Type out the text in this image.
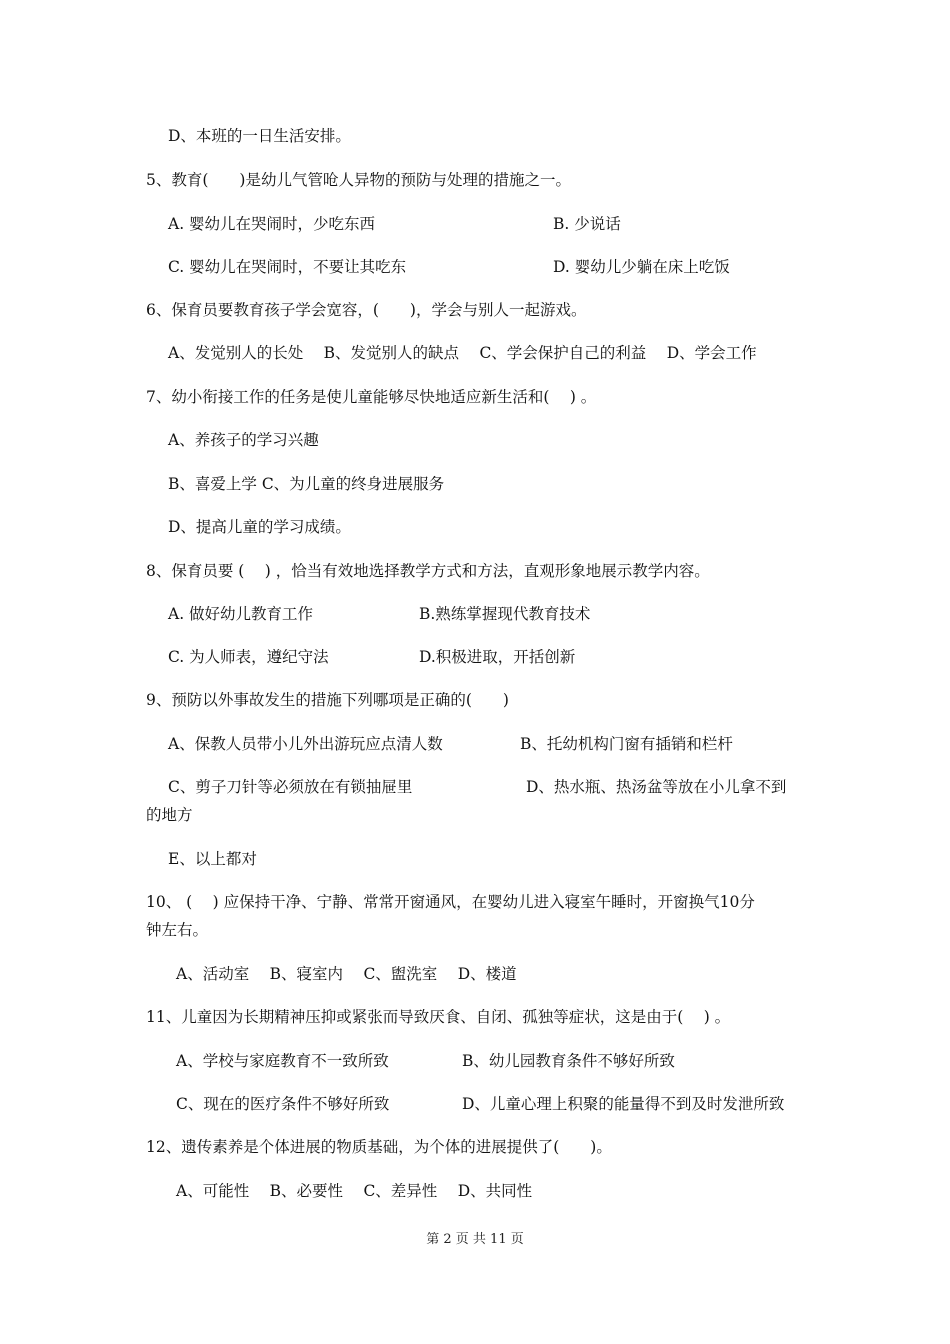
D、本班的一日生活安排。
5、教育(　　)是幼儿气管呛人异物的预防与处理的措施之一。
A. 婴幼儿在哭闹时，少吃东西	B. 少说话
C. 婴幼儿在哭闹时，不要让其吃东	D. 婴幼儿少躺在床上吃饭
6、保育员要教育孩子学会宽容，(　　)，学会与别人一起游戏。
A、发觉别人的长处　 B、发觉别人的缺点　 C、学会保护自己的利益　 D、学会工作
7、幼小衔接工作的任务是使儿童能够尽快地适应新生活和(　 ) 。
A、养孩子的学习兴趣
B、喜爱上学 C、为儿童的终身进展服务
D、提高儿童的学习成绩。
8、保育员要 (　 ) ，恰当有效地选择教学方式和方法，直观形象地展示教学内容。
A. 做好幼儿教育工作	B.熟练掌握现代教育技术
C. 为人师表，遵纪守法	D.积极进取，开括创新
9、预防以外事故发生的措施下列哪项是正确的(　　)
A、保教人员带小儿外出游玩应点清人数	B、托幼机构门窗有插销和栏杆
C、剪子刀针等必须放在有锁抽屉里	D、热水瓶、热汤盆等放在小儿拿不到
的地方
E、以上都对
10、 (　 ) 应保持干净、宁静、常常开窗通风，在婴幼儿进入寝室午睡时，开窗换气10分
钟左右。
A、活动室　 B、寝室内　 C、盥洗室　 D、楼道
11、儿童因为长期精神压抑或紧张而导致厌食、自闭、孤独等症状，这是由于(　 ) 。
A、学校与家庭教育不一致所致	B、幼儿园教育条件不够好所致
C、现在的医疗条件不够好所致	D、儿童心理上积聚的能量得不到及时发泄所致
12、遗传素养是个体进展的物质基础，为个体的进展提供了(　　)。
A、可能性　 B、必要性　 C、差异性　 D、共同性
第 2 页 共 11 页
